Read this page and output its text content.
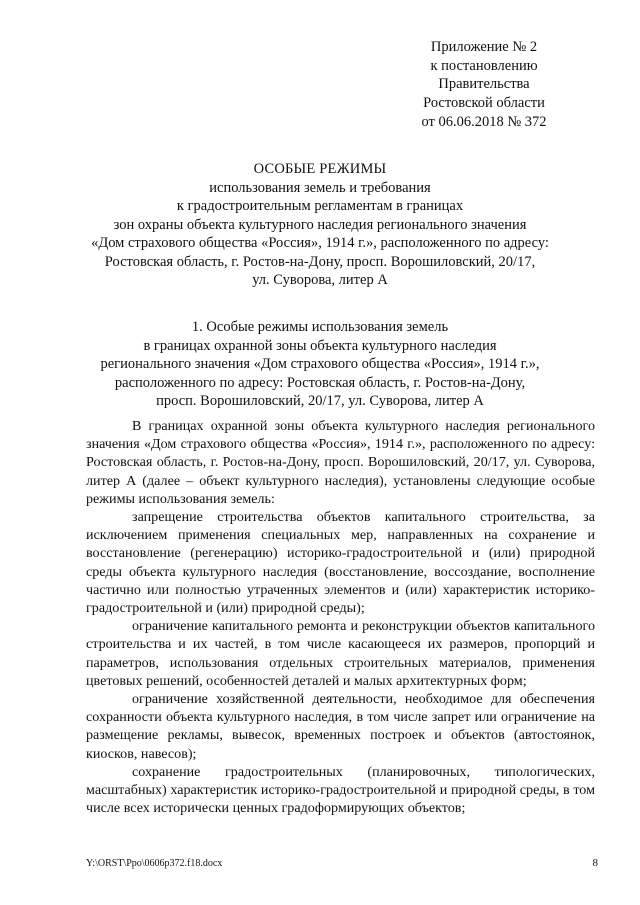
Приложение № 2
к постановлению
Правительства
Ростовской области
от 06.06.2018 № 372
ОСОБЫЕ РЕЖИМЫ
использования земель и требования
к градостроительным регламентам в границах
зон охраны объекта культурного наследия регионального значения
«Дом страхового общества «Россия», 1914 г.», расположенного по адресу:
Ростовская область, г. Ростов-на-Дону, просп. Ворошиловский, 20/17,
ул. Суворова, литер А
1. Особые режимы использования земель
в границах охранной зоны объекта культурного наследия
регионального значения «Дом страхового общества «Россия», 1914 г.»,
расположенного по адресу: Ростовская область, г. Ростов-на-Дону,
просп. Ворошиловский, 20/17, ул. Суворова, литер А

В границах охранной зоны объекта культурного наследия регионального значения «Дом страхового общества «Россия», 1914 г.», расположенного по адресу: Ростовская область, г. Ростов-на-Дону, просп. Ворошиловский, 20/17, ул. Суворова, литер А (далее – объект культурного наследия), установлены следующие особые режимы использования земель:

запрещение строительства объектов капитального строительства, за исключением применения специальных мер, направленных на сохранение и восстановление (регенерацию) историко-градостроительной и (или) природной среды объекта культурного наследия (восстановление, воссоздание, восполнение частично или полностью утраченных элементов и (или) характеристик историко-градостроительной и (или) природной среды);

ограничение капитального ремонта и реконструкции объектов капитального строительства и их частей, в том числе касающееся их размеров, пропорций и параметров, использования отдельных строительных материалов, применения цветовых решений, особенностей деталей и малых архитектурных форм;

ограничение хозяйственной деятельности, необходимое для обеспечения сохранности объекта культурного наследия, в том числе запрет или ограничение на размещение рекламы, вывесок, временных построек и объектов (автостоянок, киосков, навесов);

сохранение градостроительных (планировочных, типологических, масштабных) характеристик историко-градостроительной и природной среды, в том числе всех исторически ценных градоформирующих объектов;

Y:\ORST\Ppo\0606p372.f18.docx	8
